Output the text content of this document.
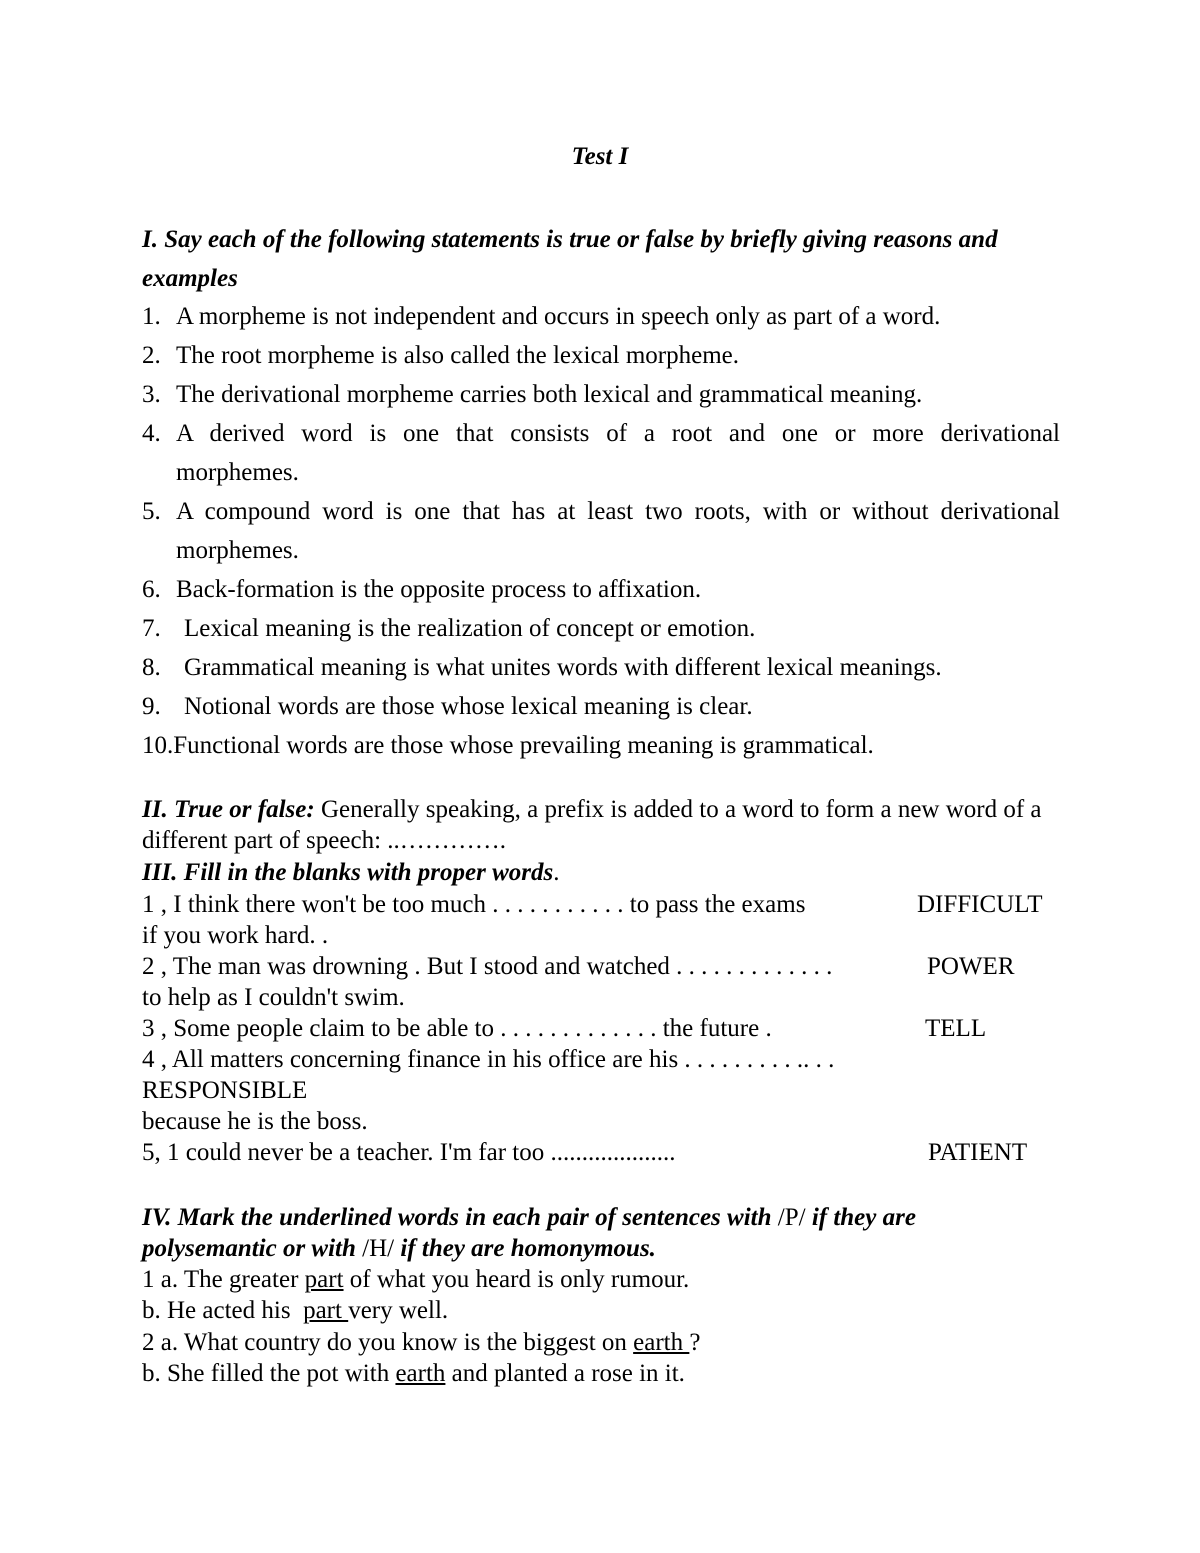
Test I
I. Say each of the following statements is true or false by briefly giving reasons and examples
1. A morpheme is not independent and occurs in speech only as part of a word.
2. The root morpheme is also called the lexical morpheme.
3. The derivational morpheme carries both lexical and grammatical meaning.
4. A derived word is one that consists of a root and one or more derivational morphemes.
5. A compound word is one that has at least two roots, with or without derivational morphemes.
6. Back-formation is the opposite process to affixation.
7. Lexical meaning is the realization of concept or emotion.
8. Grammatical meaning is what unites words with different lexical meanings.
9. Notional words are those whose lexical meaning is clear.
10.Functional words are those whose prevailing meaning is grammatical.
II. True or false: Generally speaking, a prefix is added to a word to form a new word of a different part of speech: ..………….
III. Fill in the blanks with proper words.
1 , I think there won't be too much . . . . . . . . . . . to pass the exams	DIFFICULT
if you work hard. .
2 , The man was drowning . But I stood and watched . . . . . . . . . . . . .	POWER
to help as I couldn't swim.
3 , Some people claim to be able to . . . . . . . . . . . . . the future .	TELL
4 , All matters concerning finance in his office are his . . . . . . . . . .. . .
RESPONSIBLE
because he is the boss.
5, 1 could never be a teacher. I'm far too ....................	PATIENT
IV. Mark the underlined words in each pair of sentences with /P/ if they are polysemantic or with /H/ if they are homonymous.
1 a. The greater part of what you heard is only rumour.
b. He acted his  part very well.
2 a. What country do you know is the biggest on earth ?
b. She filled the pot with earth and planted a rose in it.
